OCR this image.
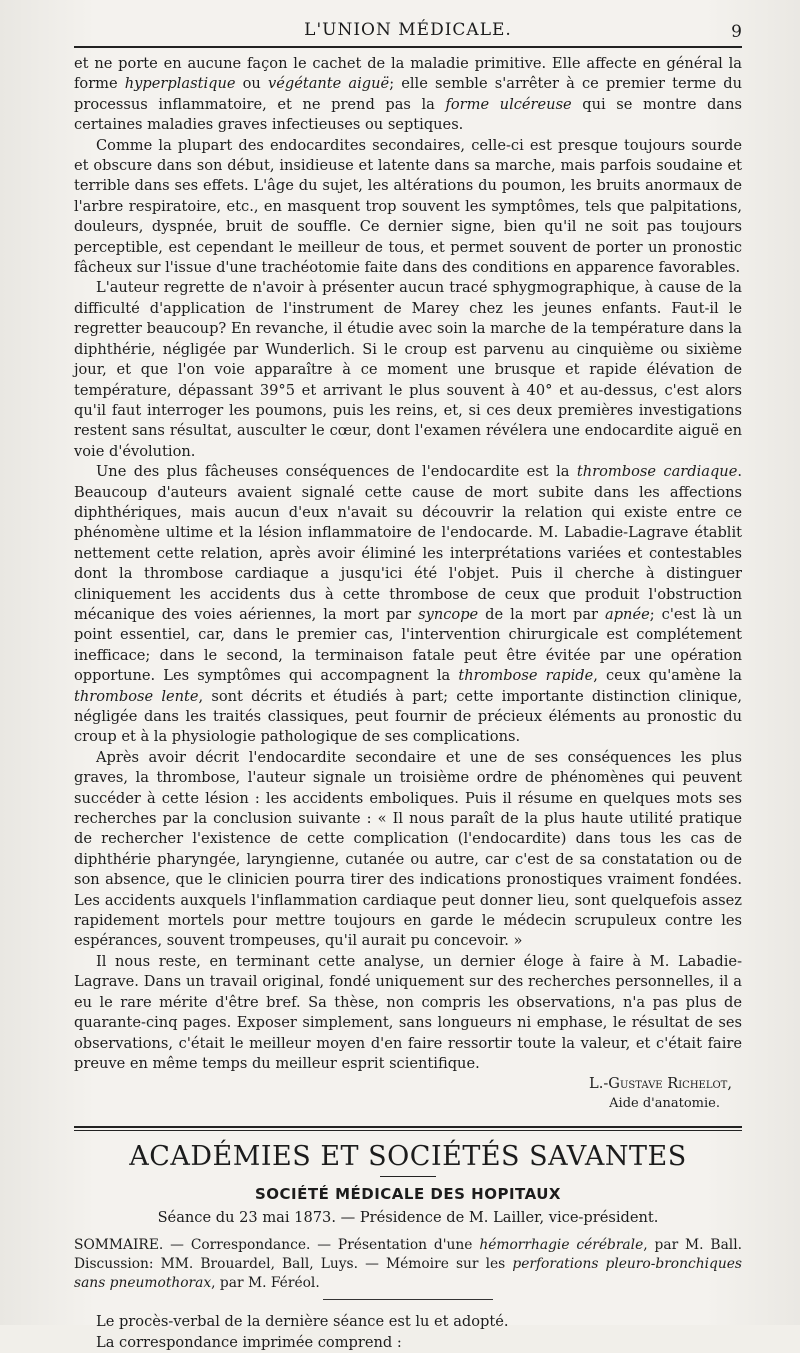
L'UNION MÉDICALE.	9

et ne porte en aucune façon le cachet de la maladie primitive. Elle affecte en général la forme hyperplastique ou végétante aiguë; elle semble s'arrêter à ce premier terme du processus inflammatoire, et ne prend pas la forme ulcéreuse qui se montre dans certaines maladies graves infectieuses ou septiques.

Comme la plupart des endocardites secondaires, celle-ci est presque toujours sourde et obscure dans son début, insidieuse et latente dans sa marche, mais parfois soudaine et terrible dans ses effets. L'âge du sujet, les altérations du poumon, les bruits anormaux de l'arbre respiratoire, etc., en masquent trop souvent les symptômes, tels que palpitations, douleurs, dyspnée, bruit de souffle. Ce dernier signe, bien qu'il ne soit pas toujours perceptible, est cependant le meilleur de tous, et permet souvent de porter un pronostic fâcheux sur l'issue d'une trachéotomie faite dans des conditions en apparence favorables.

L'auteur regrette de n'avoir à présenter aucun tracé sphygmographique, à cause de la difficulté d'application de l'instrument de Marey chez les jeunes enfants. Faut-il le regretter beaucoup? En revanche, il étudie avec soin la marche de la température dans la diphthérie, négligée par Wunderlich. Si le croup est parvenu au cinquième ou sixième jour, et que l'on voie apparaître à ce moment une brusque et rapide élévation de température, dépassant 39°5 et arrivant le plus souvent à 40° et au-dessus, c'est alors qu'il faut interroger les poumons, puis les reins, et, si ces deux premières investigations restent sans résultat, ausculter le cœur, dont l'examen révélera une endocardite aiguë en voie d'évolution.

Une des plus fâcheuses conséquences de l'endocardite est la thrombose cardiaque. Beaucoup d'auteurs avaient signalé cette cause de mort subite dans les affections diphthériques, mais aucun d'eux n'avait su découvrir la relation qui existe entre ce phénomène ultime et la lésion inflammatoire de l'endocarde. M. Labadie-Lagrave établit nettement cette relation, après avoir éliminé les interprétations variées et contestables dont la thrombose cardiaque a jusqu'ici été l'objet. Puis il cherche à distinguer cliniquement les accidents dus à cette thrombose de ceux que produit l'obstruction mécanique des voies aériennes, la mort par syncope de la mort par apnée; c'est là un point essentiel, car, dans le premier cas, l'intervention chirurgicale est complétement inefficace; dans le second, la terminaison fatale peut être évitée par une opération opportune. Les symptômes qui accompagnent la thrombose rapide, ceux qu'amène la thrombose lente, sont décrits et étudiés à part; cette importante distinction clinique, négligée dans les traités classiques, peut fournir de précieux éléments au pronostic du croup et à la physiologie pathologique de ses complications.

Après avoir décrit l'endocardite secondaire et une de ses conséquences les plus graves, la thrombose, l'auteur signale un troisième ordre de phénomènes qui peuvent succéder à cette lésion : les accidents emboliques. Puis il résume en quelques mots ses recherches par la conclusion suivante : « Il nous paraît de la plus haute utilité pratique de rechercher l'existence de cette complication (l'endocardite) dans tous les cas de diphthérie pharyngée, laryngienne, cutanée ou autre, car c'est de sa constatation ou de son absence, que le clinicien pourra tirer des indications pronostiques vraiment fondées. Les accidents auxquels l'inflammation cardiaque peut donner lieu, sont quelquefois assez rapidement mortels pour mettre toujours en garde le médecin scrupuleux contre les espérances, souvent trompeuses, qu'il aurait pu concevoir. »

Il nous reste, en terminant cette analyse, un dernier éloge à faire à M. Labadie-Lagrave. Dans un travail original, fondé uniquement sur des recherches personnelles, il a eu le rare mérite d'être bref. Sa thèse, non compris les observations, n'a pas plus de quarante-cinq pages. Exposer simplement, sans longueurs ni emphase, le résultat de ses observations, c'était le meilleur moyen d'en faire ressortir toute la valeur, et c'était faire preuve en même temps du meilleur esprit scientifique.

L.-Gustave Richelot,
Aide d'anatomie.
ACADÉMIES ET SOCIÉTÉS SAVANTES
SOCIÉTÉ MÉDICALE DES HOPITAUX
Séance du 23 mai 1873. — Présidence de M. Lailler, vice-président.
SOMMAIRE. — Correspondance. — Présentation d'une hémorrhagie cérébrale, par M. Ball. Discussion: MM. Brouardel, Ball, Luys. — Mémoire sur les perforations pleuro-bronchiques sans pneumothorax, par M. Féréol.

Le procès-verbal de la dernière séance est lu et adopté.

La correspondance imprimée comprend :
